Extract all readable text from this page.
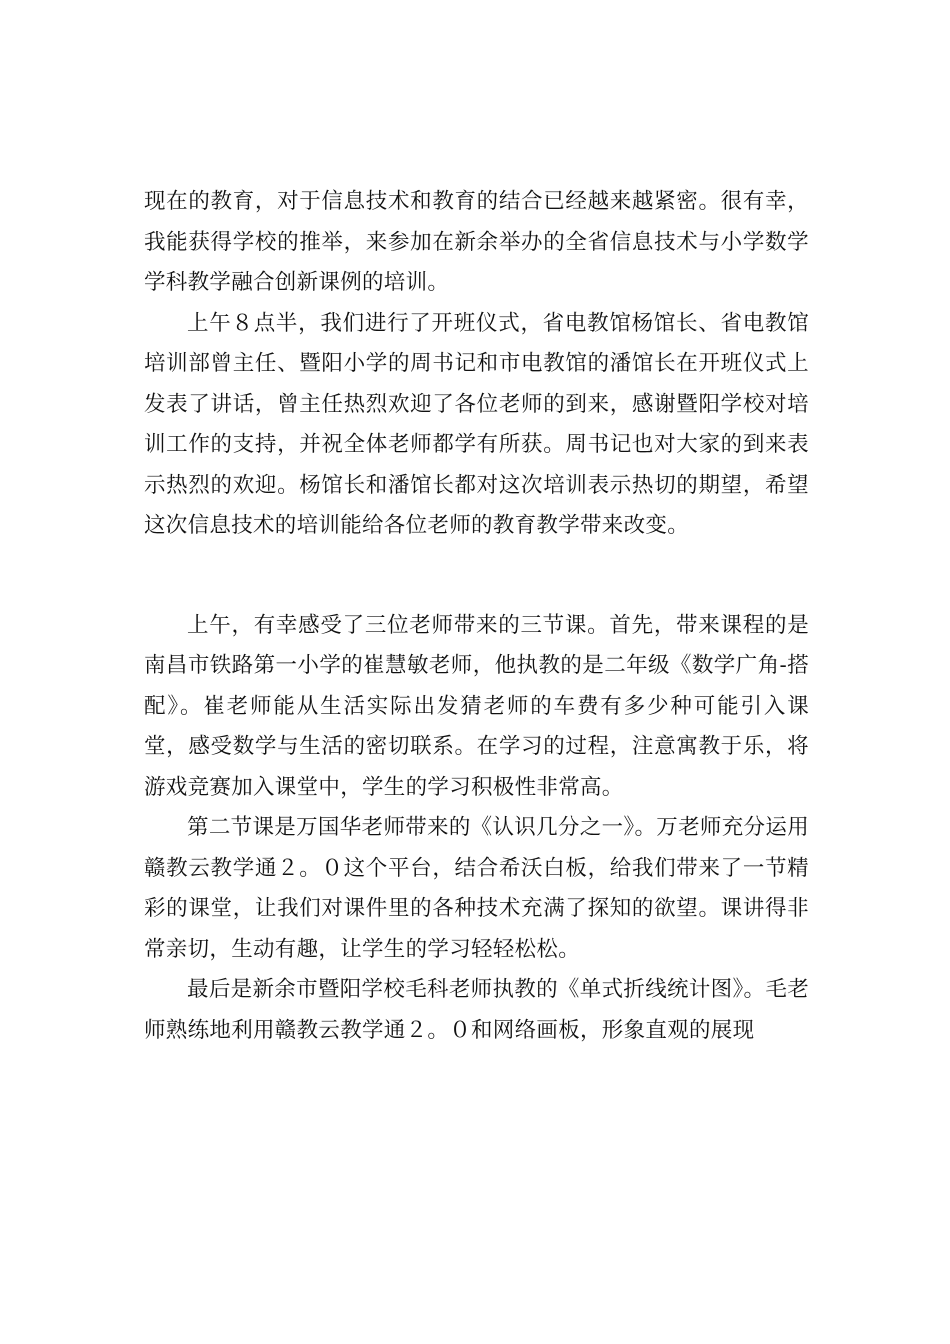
现在的教育，对于信息技术和教育的结合已经越来越紧密。很有幸，我能获得学校的推举，来参加在新余举办的全省信息技术与小学数学学科教学融合创新课例的培训。

上午８点半，我们进行了开班仪式，省电教馆杨馆长、省电教馆培训部曾主任、暨阳小学的周书记和市电教馆的潘馆长在开班仪式上发表了讲话，曾主任热烈欢迎了各位老师的到来，感谢暨阳学校对培训工作的支持，并祝全体老师都学有所获。周书记也对大家的到来表示热烈的欢迎。杨馆长和潘馆长都对这次培训表示热切的期望，希望这次信息技术的培训能给各位老师的教育教学带来改变。

上午，有幸感受了三位老师带来的三节课。首先，带来课程的是南昌市铁路第一小学的崔慧敏老师，他执教的是二年级《数学广角-搭配》。崔老师能从生活实际出发猜老师的车费有多少种可能引入课堂，感受数学与生活的密切联系。在学习的过程，注意寓教于乐，将游戏竞赛加入课堂中，学生的学习积极性非常高。

第二节课是万国华老师带来的《认识几分之一》。万老师充分运用赣教云教学通２。０这个平台，结合希沃白板，给我们带来了一节精彩的课堂，让我们对课件里的各种技术充满了探知的欲望。课讲得非常亲切，生动有趣，让学生的学习轻轻松松。

最后是新余市暨阳学校毛科老师执教的《单式折线统计图》。毛老师熟练地利用赣教云教学通２。０和网络画板，形象直观的展现
